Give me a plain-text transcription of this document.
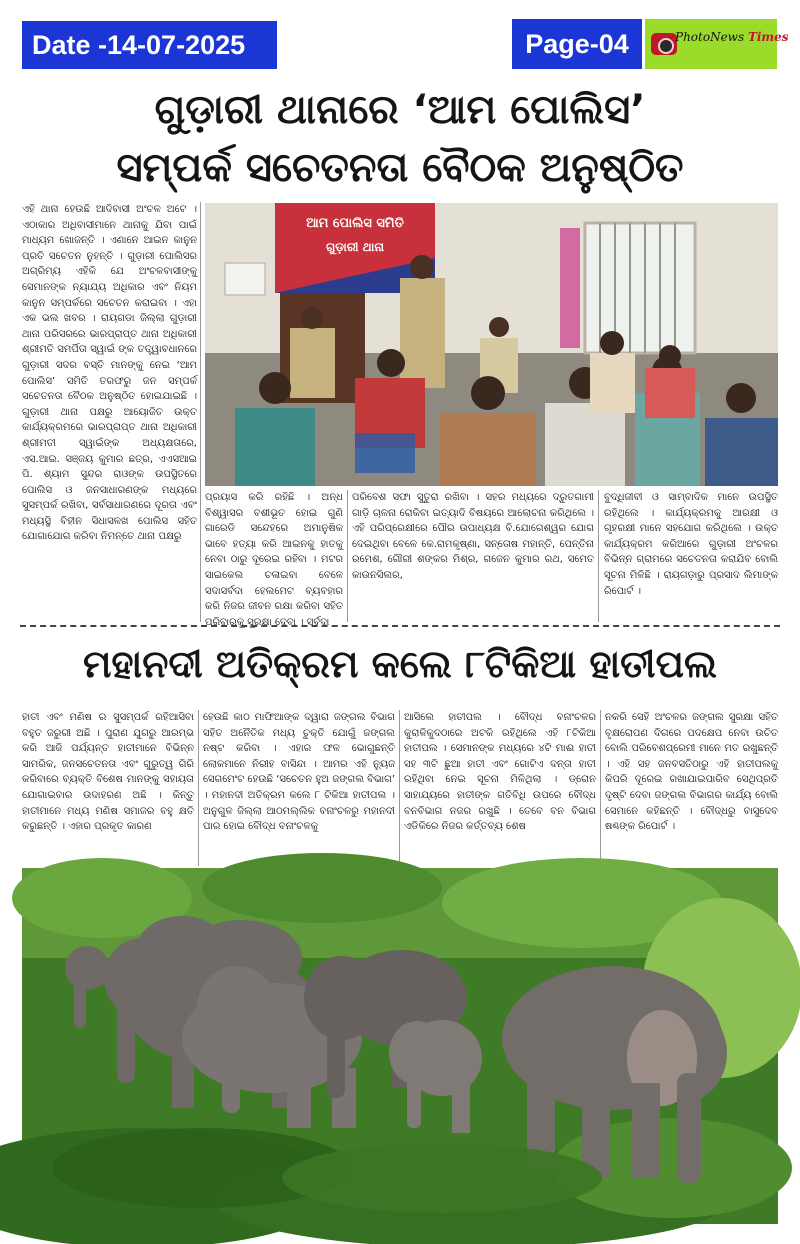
Date -14-07-2025	Page-04	PhotoNews Times
ଗୁଡ଼ାରୀ ଥାନାରେ ‘ଆମ ପୋଲିସ’
ସମ୍ପର୍କ ସଚେତନତା ବୈଠକ ଅନୁଷ୍ଠିତ
ଏହି ଥାନା ହେଉଛି ଆଦିବାସୀ ଅଂଚଳ ଅଟେ । ଏଠାକାର ଅଧିବାସୀମାନେ ଥାନାକୁ ଯିବା ପାଇଁ ମାଧ୍ୟମ ଖୋଜନ୍ତି । ଏଣାନେ ଆଇନ କାନୁନ ପ୍ରତି ସଚେତନ ନୁହନ୍ତି । ଗୁଡ଼ାରୀ ପୋଲିସର ଅଗ୍ରିମ୍ୟ ଏହିକି ଯେ ଅଂଚଳବାସୀଙ୍କୁ ସେମାନଙ୍କ ନ୍ୟାଯ୍ୟ ଅଧିକାର ଏବଂ ନିୟମ କାନୁନ ସମ୍ପର୍କରେ ସଚେତନ କରାଇବା । ଏହା ଏକ ଭଲ ଖବର । ରାୟଗଡା ଜିଲ୍ଲା ଗୁଡ଼ାରୀ ଥାନା ପରିସରରେ ଭାରପ୍ରାପ୍ତ ଥାନା ଅଧିକାରୀ ଶ୍ରୀମତି ସମର୍ପିତା ସ୍ୱାଇଁ ଙ୍କ ତତ୍ତ୍ୱାବଧାନରେ ଗୁଡ଼ାରୀ ସଦର ବସ୍ତି ମାନଙ୍କୁ ନେଇ ‘ଆମ ପୋଲିସ’ ସମିତି ତରଫରୁ ଜନ ସମ୍ପର୍କ ସଚେତନତା ବୈଠକ ଅନୁଷ୍ଠିତ ହୋଇଯାଇଛି । ଗୁଡ଼ାରୀ ଥାନା ପକ୍ଷରୁ ଆୟୋଜିତ ଉକ୍ତ କାର୍ଯ୍ୟକ୍ରମରେ ଭାରପ୍ରାପ୍ତ ଥାନା ଅଧିକାରୀ ଶ୍ରୀମତୀ ସ୍ୱାଇଁଙ୍କ ଅଧ୍ୟକ୍ଷତାରେ, ଏସ.ଆଇ. ସଞ୍ଜୟ କୁମାର ଛତ୍ର, ଏଏସଆଇ ପି. ଶ୍ୟାମ ସୁନ୍ଦର ରାଓଙ୍କ ଉପସ୍ଥିତରେ ପୋଲିସ ଓ ଜନସାଧାରଣଙ୍କ ମଧ୍ୟରେ ସୁସମ୍ପର୍କ ରଖିବା, ସର୍ବସାଧାରଣରେ ଦୂରତା ଏବଂ ମଧ୍ୟସ୍ଥି ବିହୀନ ସିଧାସଳଖ ପୋଲିସ ସହିତ ଯୋଗାଯୋଗ କରିବା ନିମନ୍ତେ ଥାନା ପକ୍ଷରୁ
ଆମ ପୋଲିସ ସମିତି
ଗୁଡ଼ାରୀ ଥାନା
ପ୍ରୟାସ କରି ରହିଛି । ଅନ୍ଧ ବିଶ୍ୱାସର ବଶୀଭୂତ ହୋଇ ଗୁଣି ଗାରେଡି ସନ୍ଦେହରେ ଅମାନୁଷିକ ଭାବେ ହତ୍ୟା କରି ଆଇନକୁ ହାତକୁ ନେବା ଠାରୁ ଦୂରେଇ ରହିବା । ମଟର ସାଇକେଲ ଚଳାଇବା ବେଳେ ସଦାସର୍ବଦା ହେଲମେଟ ବ୍ୟବହାର କରି ନିଜର ଜୀବନ ରକ୍ଷା କରିବା ସହିତ ପରିବାରକୁ ସୁରକ୍ଷା ଦେବା । ସର୍ବଦା
ପରିବେଶ ସଫା ସୁତୁରା ରଖିବା । ସହର ମଧ୍ୟରେ ଦ୍ରୁତଗାମୀ ଗାଡ଼ି ଚାଳନା ରୋକିବା ଇତ୍ୟାଦି ବିଷୟରେ ଆଲୋଚନା କରିଥିଲେ । ଏହି ପରିପ୍ରେକ୍ଷୀରେ ପୌର ଉପାଧ୍ୟକ୍ଷ ବି.ଯୋଗେଶ୍ୱର ଯୋଗ ଦେଇଥିବା ବେଳେ କେ.ରାମକୃଷ୍ଣା, ସନ୍ତୋଷ ମହାନ୍ତି, ପେନ୍ତିନା ରମେଶ, ଗୌରୀ ଶଙ୍କର ମିଶ୍ର, ଗଜେନ କୁମାର ରଥ, ସମେତ କାଉନସିଲର,
ବୁଦ୍ଧିଜୀବୀ ଓ ସାମ୍ବାଦିକ ମାନେ ଉପସ୍ଥିତ ରହିଥିଲେ । କାର୍ଯ୍ୟକ୍ରମକୁ ଆରକ୍ଷୀ ଓ ଗୃହରକ୍ଷୀ ମାନେ ସହଯୋଗ କରିଥିଲେ । ଉକ୍ତ କାର୍ଯ୍ୟକ୍ରମ କରିଆରେ ଗୁଡ଼ାରୀ ଅଂଚଳର ବିଭିନ୍ନ ଗ୍ରାମରେ ସଚେତନତା କରାଯିବ ବୋଲି ସୂଚନା ମିଳିଛି । ରାୟଗଡ଼ାରୁ ପ୍ରସାଦ ଲିମାଙ୍କ ରିପୋର୍ଟ ।
ମହାନଦୀ ଅତିକ୍ରମ କଲେ ୮ଟିକିଆ ହାତୀପଲ
ହାତୀ ଏବଂ ମଣିଷ ର ସୁସମ୍ପର୍କ ରହିଆସିବା ବହୁତ ଜରୁରୀ ଅଛି । ପୁରାଣ ଯୁଗରୁ ଆରମ୍ଭ କରି ଆଜି ପର୍ଯ୍ୟନ୍ତ ହାତୀମାନେ ବିଭିନ୍ନ ସାମରିକ, ଜନସଚେତନତା ଏବଂ ଗୁରୁତ୍ୱ ଗିରି କରିବାରେ ବ୍ୟକ୍ତି ବିଶେଷ ମାନଙ୍କୁ ସହାୟତା ଯୋଗାଇବାର ଉଦାହରଣ ଅଛି । କିନ୍ତୁ ହାତୀମାନେ ମଧ୍ୟ ମଣିଷ ସମାଜର ବହୁ କ୍ଷତି କରୁଛନ୍ତି । ଏହାର ପ୍ରକୃତ କାରଣ
ହେଉଛି କାଠ ମାଫିଆଙ୍କ ଦ୍ୱାରା ଜଙ୍ଗଲ ବିଭାଗ ସହିତ ଅନୈତିକ ମଧ୍ୟ ଚୁକ୍ତି ଯୋଗୁଁ ଜଙ୍ଗଲ ନଷ୍ଟ କରିବା । ଏହାର ଫଳ ଭୋଗୁଛନ୍ତି ଲୋକମାନେ ନିରୀହ ବାସିନ୍ଦା । ଆମର ଏହି ନ୍ୟୁଜ ସେଗମେଂଟ ହେଉଛି ‘ସଚେତନ ହୁଅ ଜଙ୍ଗଲ ବିଭାଗ’ । ମହାନଦୀ ଅତିକ୍ରମ କଲେ ୮ ଟିକିଆ ହାତୀପଲ । ଅନୁଗୁଳ ଜିଲ୍ଲା ଆଠମଲ୍ଲିକ ବନାଂଚଳରୁ ମହାନଦୀ ପାର ହୋଇ ବୌଦ୍ଧ ବନାଂଚଳକୁ
ଆସିଲେ ହାତୀପଲ । ବୌଦ୍ଧ ବନାଂଚଳର କୁରାଳିକୁଦଠାରେ ଅଟକି ରହିଥିଲେ ଏହି ୮ଟିକିଆ ହାତୀପଲ । ସେମାନଙ୍କ ମଧ୍ୟରେ ୪ଟି ମାଈ ହାତୀ ସହ ୩ଟି ଛୁଆ ହାତୀ ଏବଂ ଗୋଟିଏ ଦନ୍ତା ହାତୀ ରହିଥିବା ନେଇ ସୂଚନା ମିଳିଥିଲା । ଡ୍ରୋନ ସାହାଯ୍ୟରେ ହାତୀଙ୍କ ଗତିବିଧି ଉପରେ ବୌଦ୍ଧ ବନବିଭାଗ ନଜର ରଖୁଛି । ତେବେ ବନ ବିଭାଗ ଏଡିକିରେ ନିଜର କର୍ତ୍ତବ୍ୟ ଶେଷ
ନକରି ସେହି ଅଂଚଳର ଜଙ୍ଗଲ ସୁରକ୍ଷା ସହିତ ବୃକ୍ଷରୋପଣ ଦିଗରେ ପଦକ୍ଷେପ ନେବା ଉଚିତ ବୋଲି ପରିବେଶପ୍ରେମୀ ମାନେ ମତ ରଖୁଛନ୍ତି । ଏହି ସହ ଜନବସତିଠାରୁ ଏହି ହାତୀପଲକୁ କିପରି ଦୂରେଇ ରଖାଯାଇପାରିବ ସେଥିପ୍ରତି ଦୃଷ୍ଟି ଦେବା ଜଙ୍ଗଲ ବିଭାଗର କାର୍ଯ୍ୟ ବୋଲି ସେମାନେ କହିଛନ୍ତି । ବୌଦ୍ଧରୁ ବାସୁଦେବ ଷଣ୍ଢଙ୍କ ରିପୋର୍ଟ ।
